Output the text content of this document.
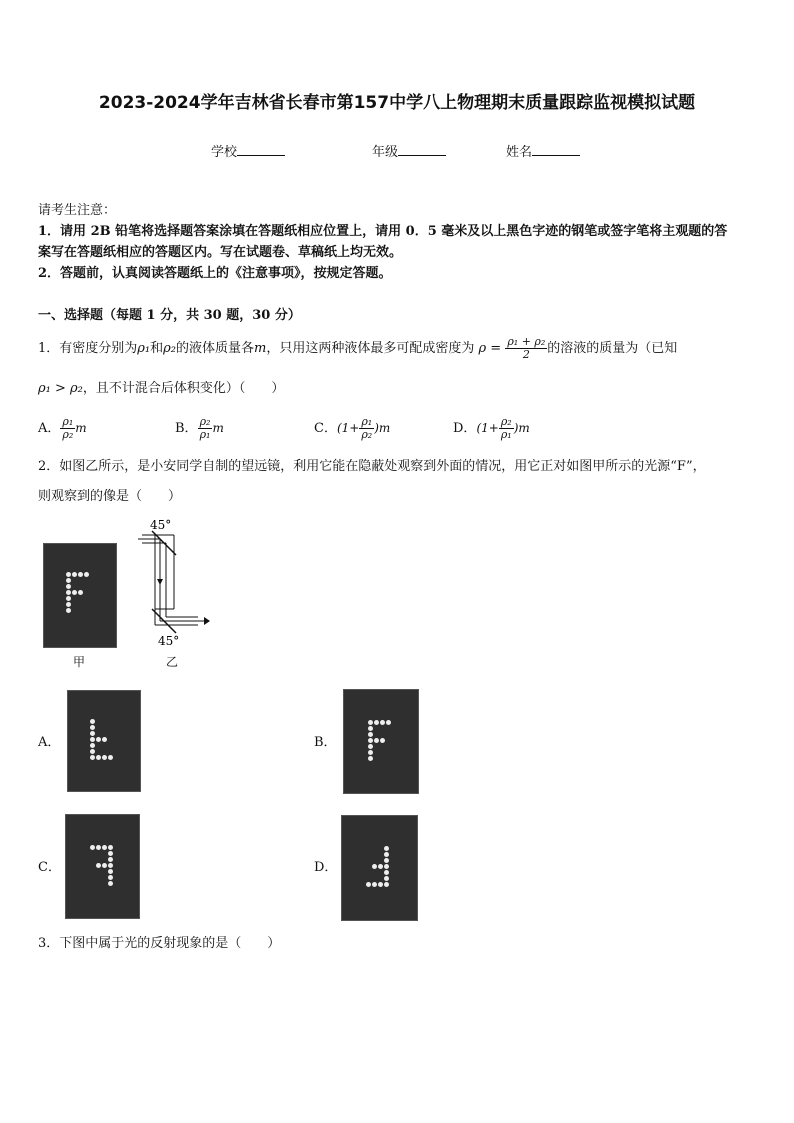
2023-2024学年吉林省长春市第157中学八上物理期末质量跟踪监视模拟试题
学校	年级	姓名
请考生注意：
1．请用 2B 铅笔将选择题答案涂填在答题纸相应位置上，请用 0．5 毫米及以上黑色字迹的钢笔或签字笔将主观题的答
案写在答题纸相应的答题区内。写在试题卷、草稿纸上均无效。
2．答题前，认真阅读答题纸上的《注意事项》，按规定答题。
一、选择题（每题 1 分，共 30 题，30 分）
1．有密度分别为ρ₁和ρ₂的液体质量各m，只用这两种液体最多可配成密度为 $\rho = \frac{\text{ρ₁ + ρ₂}}{2}$ 的溶液的质量为（已知
ρ₁ > ρ₂，且不计混合后体积变化）（　　）
A． $\frac{\text{ρ₁}}{\text{ρ₂}}$ m	B． $\frac{\text{ρ₂}}{\text{ρ₁}}$ m	C．$(1+ \frac{\text{ρ₁}}{\text{ρ₂}} )m$	D．$(1+ \frac{\text{ρ₂}}{\text{ρ₁}} )m$
2．如图乙所示，是小安同学自制的望远镜，利用它能在隐蔽处观察到外面的情况，用它正对如图甲所示的光源“F”，
则观察到的像是（　　）
甲
45°
45°
乙
A．	B．
C．	D．
3．下图中属于光的反射现象的是（　　）
